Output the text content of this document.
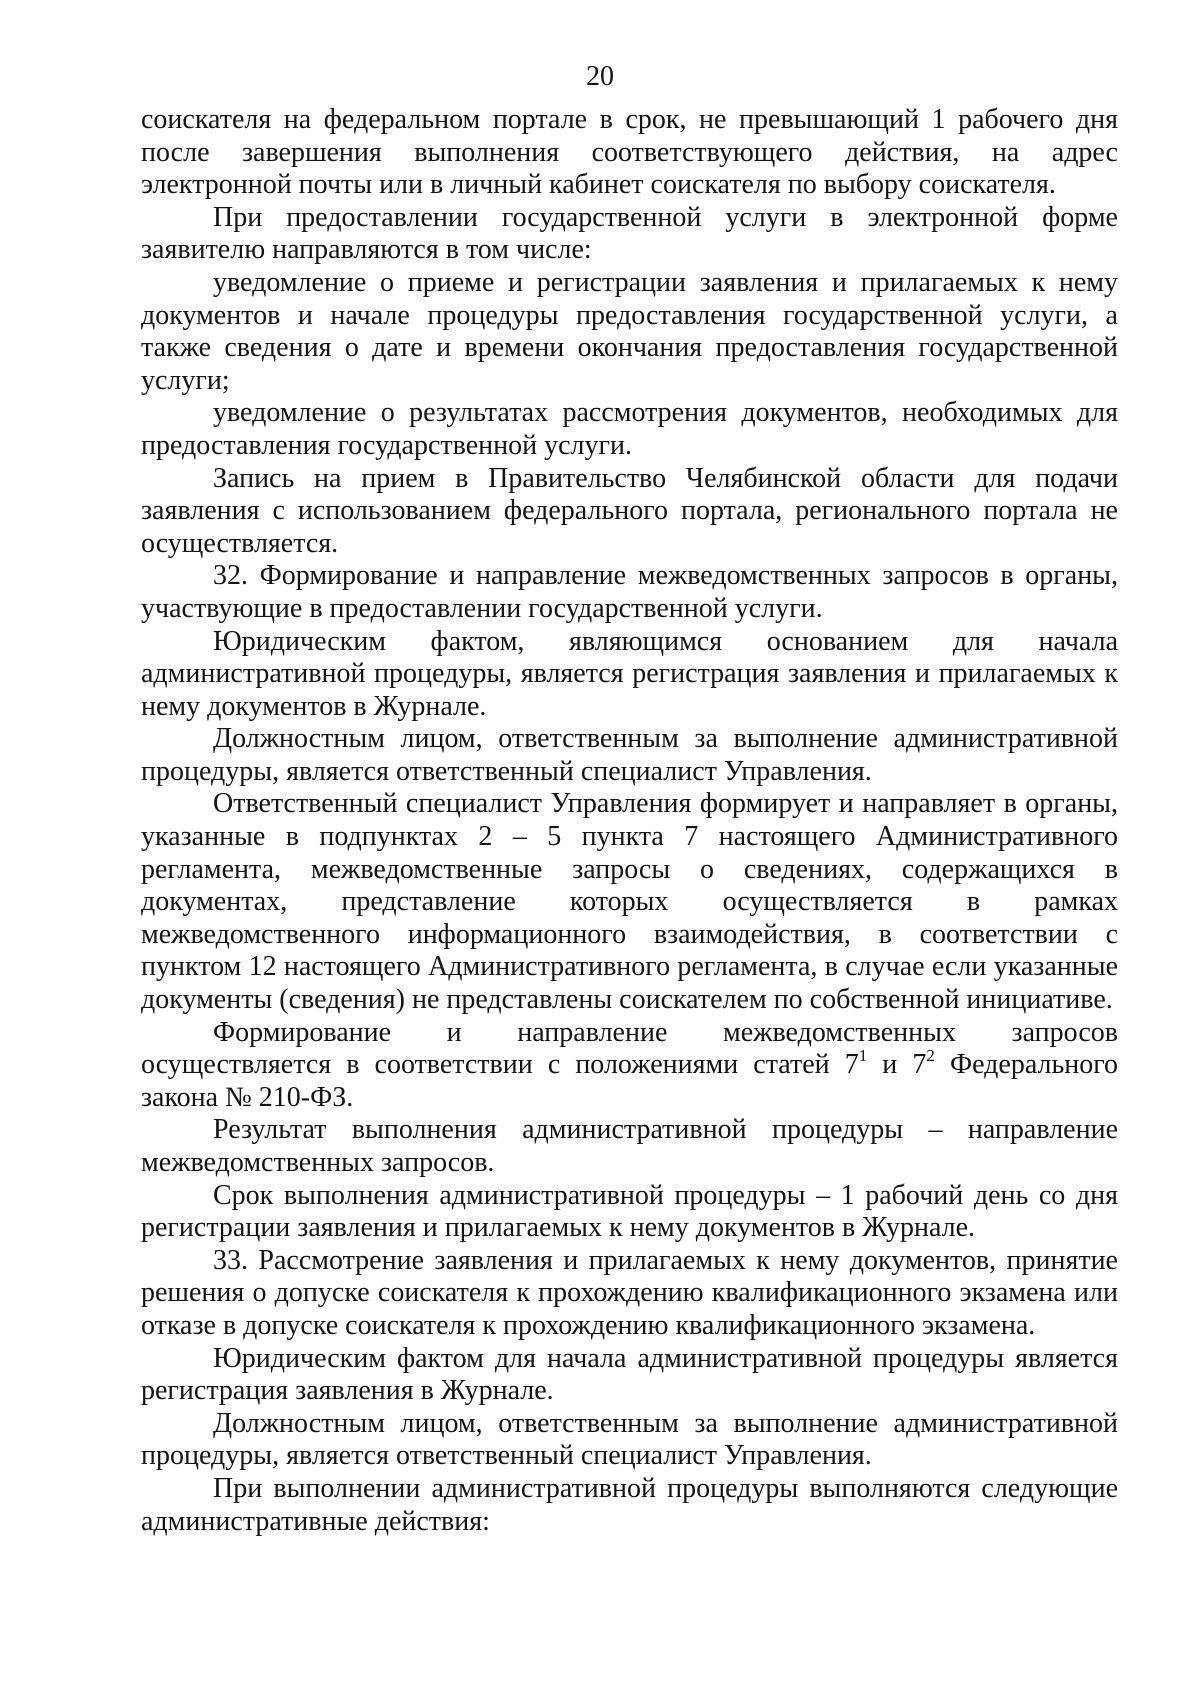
20

соискателя на федеральном портале в срок, не превышающий 1 рабочего дня после завершения выполнения соответствующего действия, на адрес электронной почты или в личный кабинет соискателя по выбору соискателя.

При предоставлении государственной услуги в электронной форме заявителю направляются в том числе:

уведомление о приеме и регистрации заявления и прилагаемых к нему документов и начале процедуры предоставления государственной услуги, а также сведения о дате и времени окончания предоставления государственной услуги;

уведомление о результатах рассмотрения документов, необходимых для предоставления государственной услуги.

Запись на прием в Правительство Челябинской области для подачи заявления с использованием федерального портала, регионального портала не осуществляется.

32. Формирование и направление межведомственных запросов в органы, участвующие в предоставлении государственной услуги.

Юридическим фактом, являющимся основанием для начала административной процедуры, является регистрация заявления и прилагаемых к нему документов в Журнале.

Должностным лицом, ответственным за выполнение административной процедуры, является ответственный специалист Управления.

Ответственный специалист Управления формирует и направляет в органы, указанные в подпунктах 2 – 5 пункта 7 настоящего Административного регламента, межведомственные запросы о сведениях, содержащихся в документах, представление которых осуществляется в рамках межведомственного информационного взаимодействия, в соответствии с пунктом 12 настоящего Административного регламента, в случае если указанные документы (сведения) не представлены соискателем по собственной инициативе.

Формирование и направление межведомственных запросов осуществляется в соответствии с положениями статей $7^1$ и $7^2$ Федерального закона № 210-ФЗ.

Результат выполнения административной процедуры – направление межведомственных запросов.

Срок выполнения административной процедуры – 1 рабочий день со дня регистрации заявления и прилагаемых к нему документов в Журнале.

33. Рассмотрение заявления и прилагаемых к нему документов, принятие решения о допуске соискателя к прохождению квалификационного экзамена или отказе в допуске соискателя к прохождению квалификационного экзамена.

Юридическим фактом для начала административной процедуры является регистрация заявления в Журнале.

Должностным лицом, ответственным за выполнение административной процедуры, является ответственный специалист Управления.

При выполнении административной процедуры выполняются следующие административные действия:
